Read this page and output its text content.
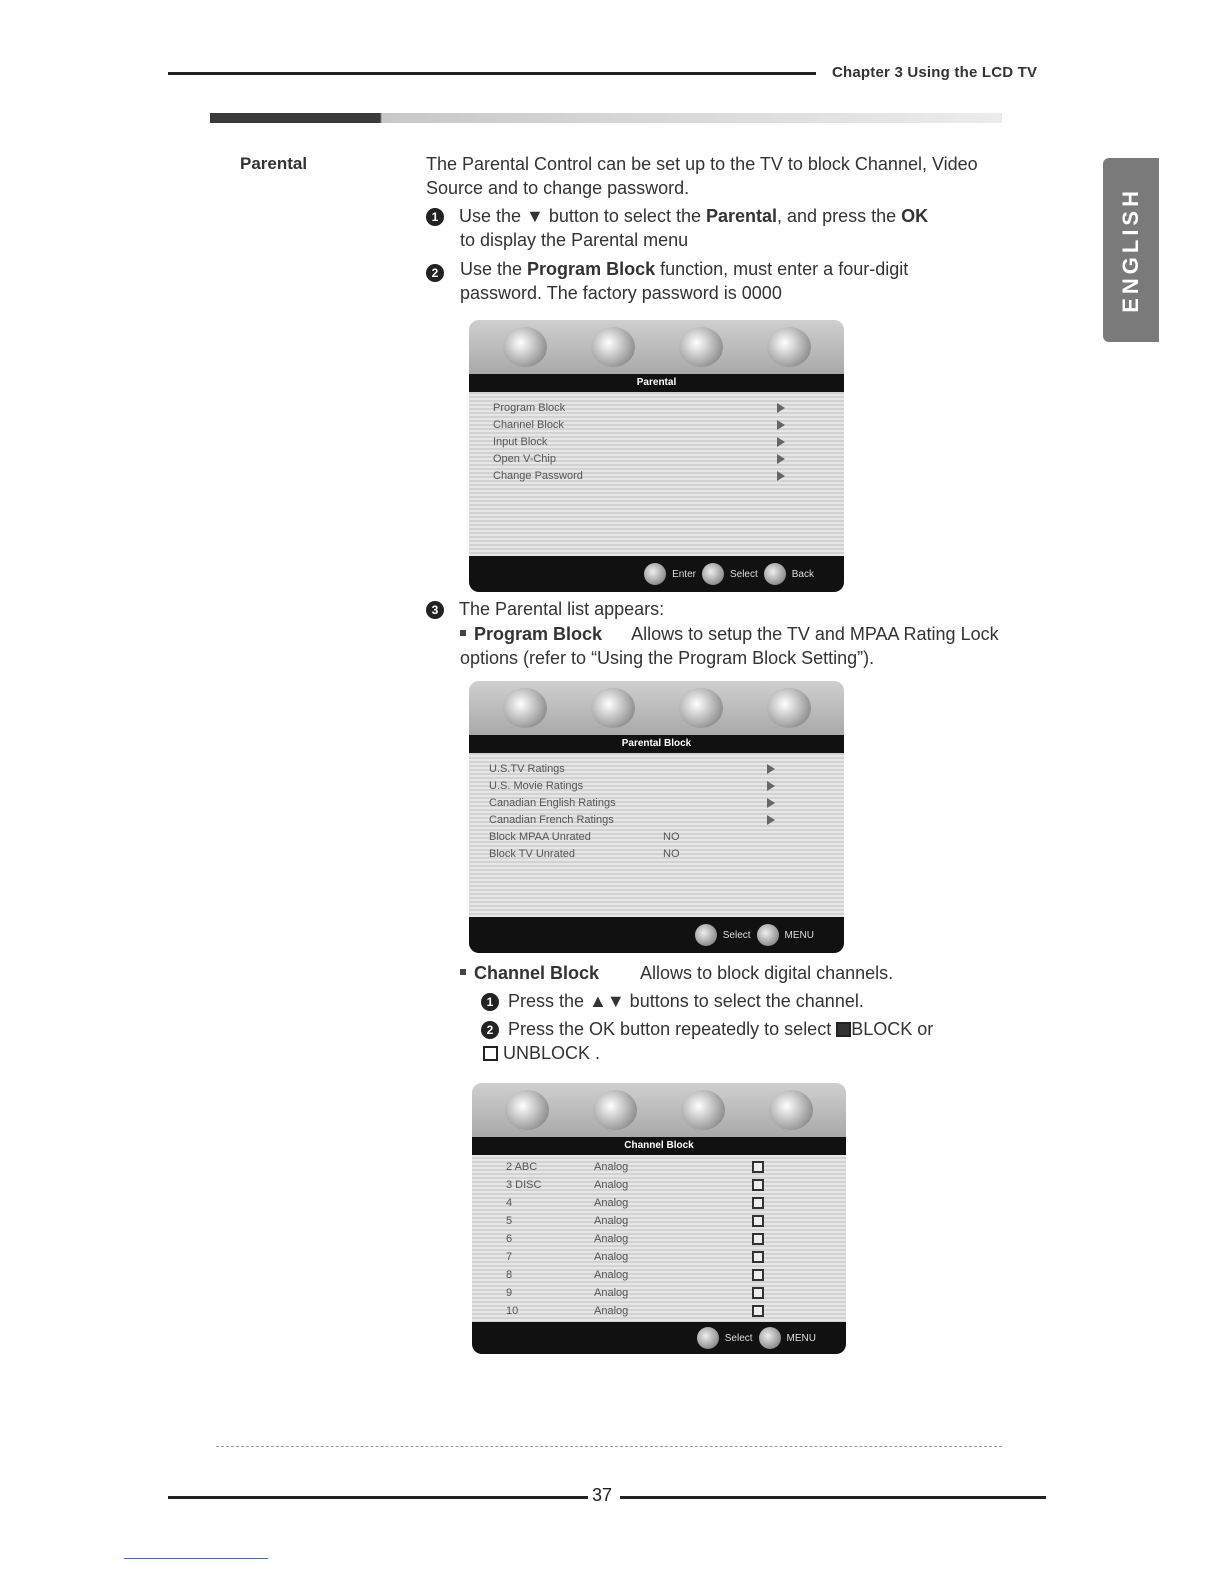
Chapter 3 Using the LCD TV
ENGLISH
Parental	The Parental Control can be set up to the TV to block Channel, Video Source and to change password.
1 Use the ▼ button to select the Parental, and press the OK
to display the Parental menu
2	Use the Program Block function, must enter a four-digit password. The factory password is 0000
Parental
Program Block
Channel Block
Input Block
Open V-Chip
Change Password
Enter	Select	Back
3 The Parental list appears:
Program Block Allows to setup the TV and MPAA Rating Lock options (refer to “Using the Program Block Setting”).
Parental Block
U.S.TV Ratings
U.S. Movie Ratings
Canadian English Ratings
Canadian French Ratings
Block MPAA Unrated	NO
Block TV Unrated	NO
Select	MENU
Channel Block Allows to block digital channels.
1 Press the ▲▼ buttons to select the channel.
2 Press the OK button repeatedly to select BLOCK or
UNBLOCK .
Channel Block
2 ABC	Analog
3 DISC	Analog
4	Analog
5	Analog
6	Analog
7	Analog
8	Analog
9	Analog
10	Analog
Select	MENU
37
